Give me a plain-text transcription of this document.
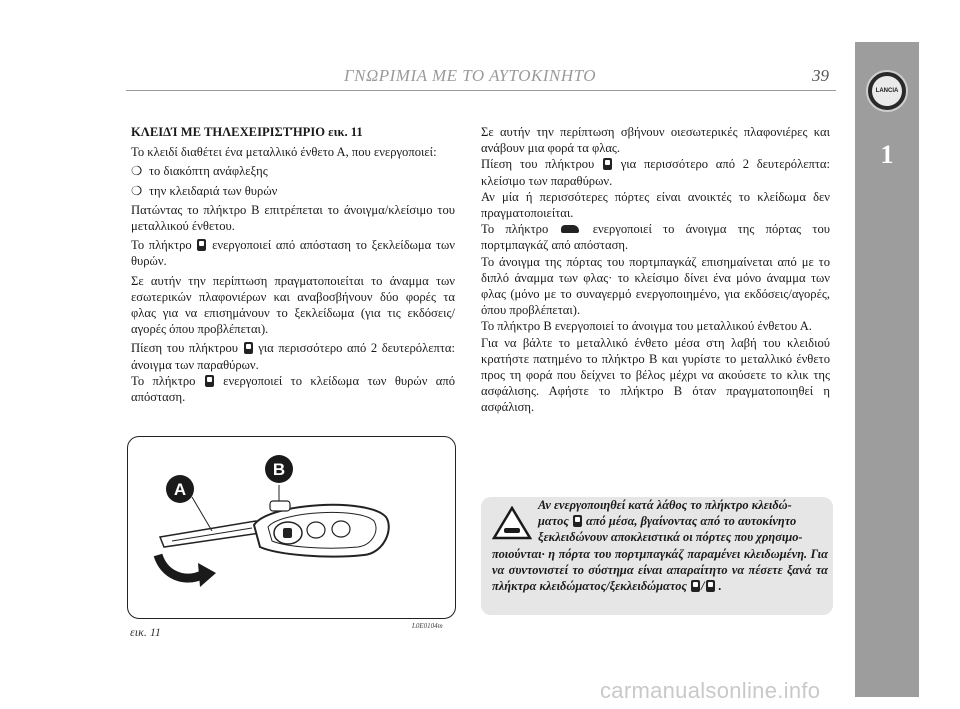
ΓΝΩΡΙΜΙΑ ΜΕ ΤΟ ΑΥΤΟΚΙΝΗΤΟ	39
LANCIA
1

ΚΛΕΙΔΊ ΜΕ ΤΗΛΕΧΕΙΡΙΣΤΉΡΙΟ εικ. 11

Το κλειδί διαθέτει ένα μεταλλικό ένθετο Α, που ενεργοποιεί:

❍ το διακόπτη ανάφλεξης

❍ την κλειδαριά των θυρών

Πατώντας το πλήκτρο Β επιτρέπεται το άνοιγμα/κλείσιμο του μεταλλικού ένθετου.

Το πλήκτρο ενεργοποιεί από απόσταση το ξεκλείδωμα των θυρών.

Σε αυτήν την περίπτωση πραγματοποιείται το άναμμα των εσωτερικών πλαφονιέρων και αναβοσβήνουν δύο φορές τα φλας για να επισημάνουν το ξεκλείδωμα (για τις εκδόσεις/αγορές όπου προβλέπεται).

Πίεση του πλήκτρου για περισσότερο από 2 δευτερόλεπτα: άνοιγμα των παραθύρων.

Το πλήκτρο ενεργοποιεί το κλείδωμα των θυρών από απόσταση.

A
B
εικ. 11	L0E0104m

Σε αυτήν την περίπτωση σβήνουν οιεσωτερικές πλαφονιέρες και ανάβουν μια φορά τα φλας.

Πίεση του πλήκτρου για περισσότερο από 2 δευτερόλεπτα: κλείσιμο των παραθύρων.

Αν μία ή περισσότερες πόρτες είναι ανοικτές το κλείδωμα δεν πραγματοποιείται.

Το πλήκτρο	ενεργοποιεί το άνοιγμα της πόρτας του πορτμπαγκάζ από απόσταση.

Το άνοιγμα της πόρτας του πορτμπαγκάζ επισημαίνεται από με το διπλό άναμμα των φλας· το κλείσιμο δίνει ένα μόνο άναμμα των φλας (μόνο με το συναγερμό ενεργοποιημένο, για εκδόσεις/αγορές, όπου προβλέπεται).

Το πλήκτρο Β ενεργοποιεί το άνοιγμα του μεταλλικού ένθετου Α.

Για να βάλτε το μεταλλικό ένθετο μέσα στη λαβή του κλειδιού κρατήστε πατημένο το πλήκτρο Β και γυρίστε το μεταλλικό ένθετο προς τη φορά που δείχνει το βέλος μέχρι να ακούσετε το κλικ της ασφάλισης. Αφήστε το πλήκτρο Β όταν πραγματοποιηθεί η ασφάλιση.

Αν ενεργοποιηθεί κατά λάθος το πλήκτρο κλειδώ-
ματος από μέσα, βγαίνοντας από το αυτοκίνητο
ξεκλειδώνουν αποκλειστικά οι πόρτες που χρησιμο-
ποιούνται· η πόρτα του πορτμπαγκάζ παραμένει κλειδωμένη. Για να συντονιστεί το σύστημα είναι απαραίτητο να πέσετε ξανά τα πλήκτρα κλειδώματος/ξεκλειδώματος / .
carmanualsonline.info
